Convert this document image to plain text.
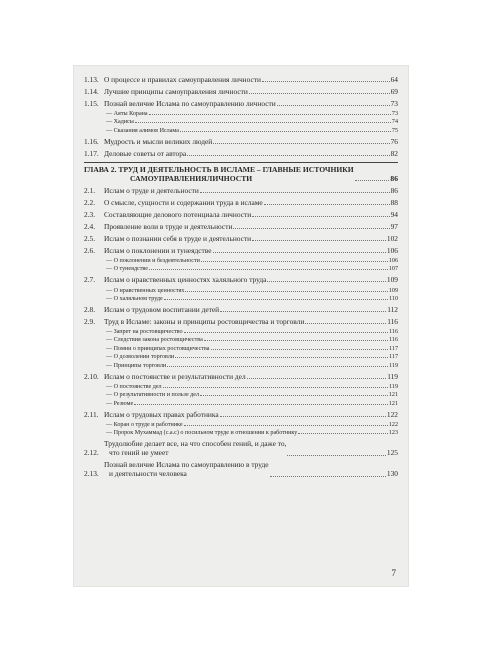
1.13. О процессе и правилах самоуправления личности	64
1.14. Лучшие принципы самоуправления личности	69
1.15. Познай величие Ислама по самоуправлению личности	73
— Аяты Корана	73
— Хадисы	74
— Сказания алимов Ислама	75
1.16. Мудрость и мысли великих людей	76
1.17. Деловые советы от автора	82
ГЛАВА 2. ТРУД И ДЕЯТЕЛЬНОСТЬ В ИСЛАМЕ – ГЛАВНЫЕ ИСТОЧНИКИ
САМОУПРАВЛЕНИЯЛИЧНОСТИ	86
2.1.	Ислам о труде и деятельности	86
2.2.	О смысле, сущности и содержании труда в исламе	88
2.3.	Составляющие делового потенциала личности	94
2.4.	Проявление воли в труде и деятельности	97
2.5.	Ислам о познании себя в труде и деятельности	102
2.6.	Ислам о поклонении и тунеядстве	106
— О поклонении и бездеятельности	106
— О тунеядстве	107
2.7.	Ислам о нравственных ценностях халяльного труда	109
— О нравственных ценностях	109
— О халяльном труде	110
2.8.	Ислам о трудовом воспитании детей	112
2.9.	Труд в Исламе: законы и принципы ростовщичества и торговли	116
— Запрет на ростовщичество	116
— Следствия закона ростовщичества	116
— Помни о принципах ростовщичества	117
— О дозволении торговли	117
— Принципы торговли	119
2.10. Ислам о постоянстве и результативности дел	119
— О постоянстве дел	119
— О результативности и пользе дел	121
— Резюме	121
2.11. Ислам о трудовых правах работника	122
— Коран о труде и работнике	122
— Пророк Мухаммад (с.а.с) о посильном труде и отношении к работнику	123
2.12.
Трудолюбие делает все, на что способен гений, и даже то,
что гений не умеет	125
2.13.
Познай величие Ислама по самоуправлению в труде
и деятельности человека	130
7
